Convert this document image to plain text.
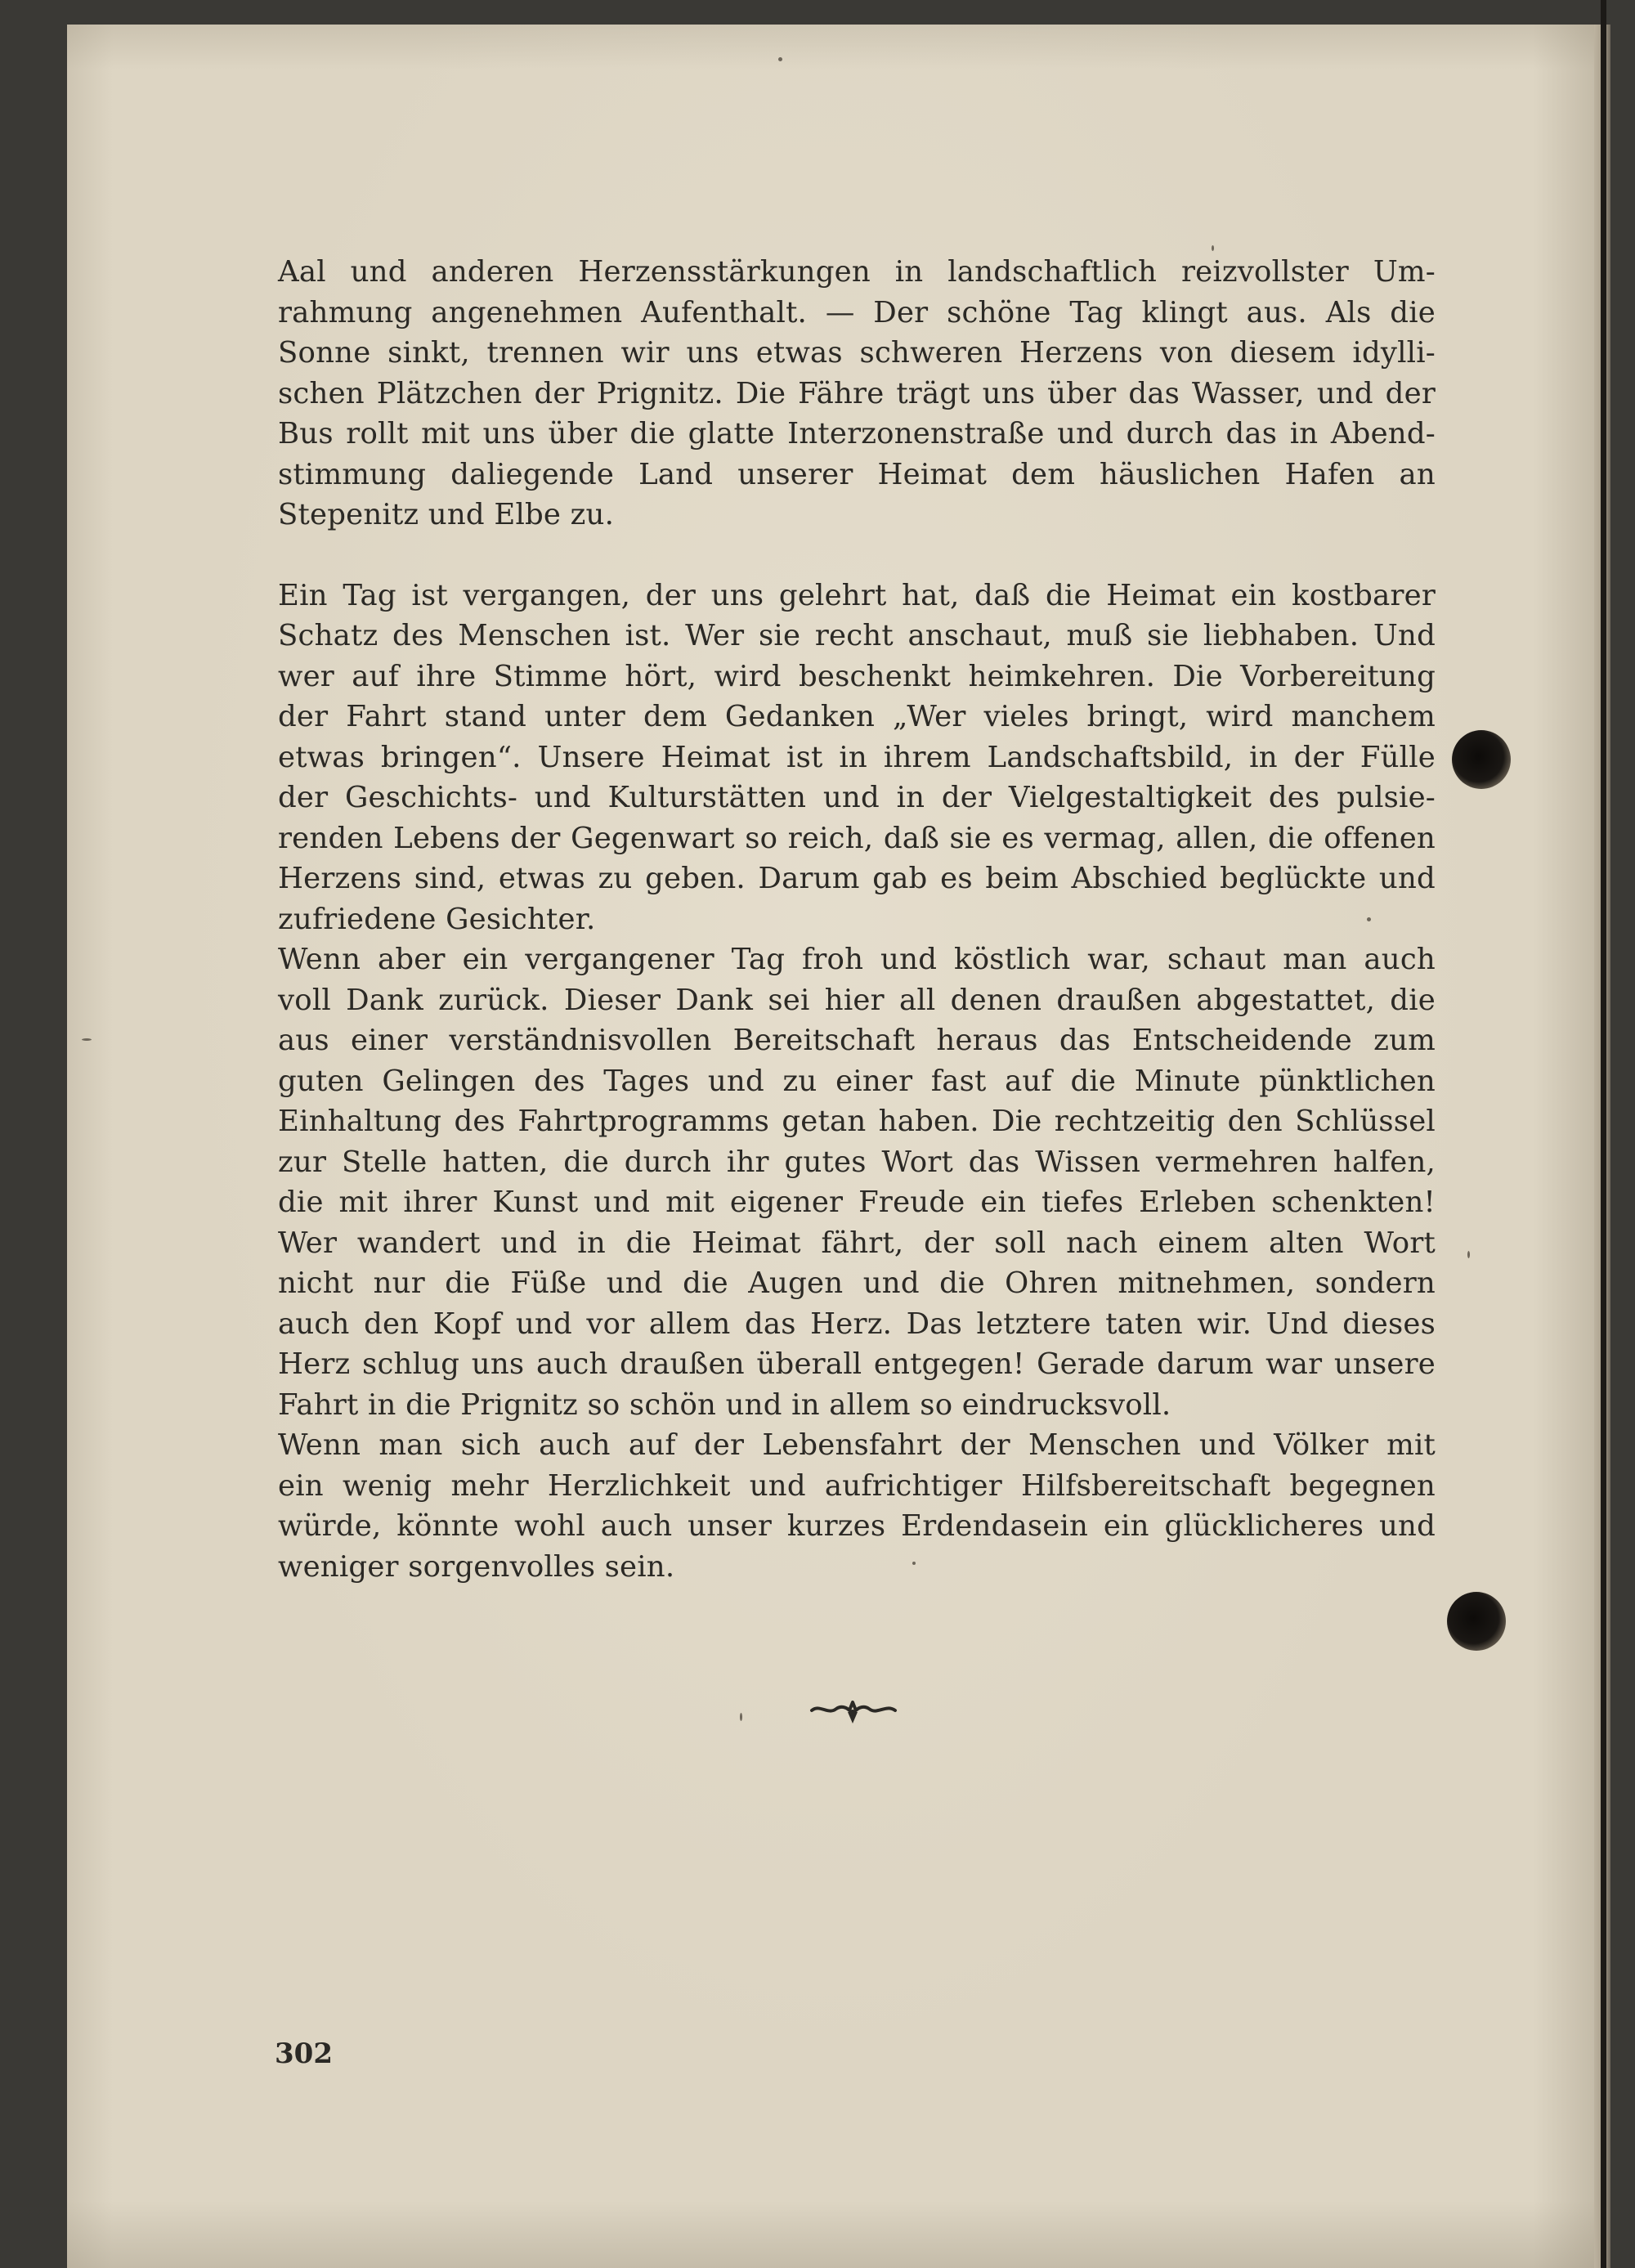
Aal und anderen Herzensstärkungen in landschaftlich reizvollster Um-
rahmung angenehmen Aufenthalt. — Der schöne Tag klingt aus. Als die
Sonne sinkt, trennen wir uns etwas schweren Herzens von diesem idylli-
schen Plätzchen der Prignitz. Die Fähre trägt uns über das Wasser, und der
Bus rollt mit uns über die glatte Interzonenstraße und durch das in Abend-
stimmung daliegende Land unserer Heimat dem häuslichen Hafen an
Stepenitz und Elbe zu.
Ein Tag ist vergangen, der uns gelehrt hat, daß die Heimat ein kostbarer
Schatz des Menschen ist. Wer sie recht anschaut, muß sie liebhaben. Und
wer auf ihre Stimme hört, wird beschenkt heimkehren. Die Vorbereitung
der Fahrt stand unter dem Gedanken „Wer vieles bringt, wird manchem
etwas bringen“. Unsere Heimat ist in ihrem Landschaftsbild, in der Fülle
der Geschichts- und Kulturstätten und in der Vielgestaltigkeit des pulsie-
renden Lebens der Gegenwart so reich, daß sie es vermag, allen, die offenen
Herzens sind, etwas zu geben. Darum gab es beim Abschied beglückte und
zufriedene Gesichter.
Wenn aber ein vergangener Tag froh und köstlich war, schaut man auch
voll Dank zurück. Dieser Dank sei hier all denen draußen abgestattet, die
aus einer verständnisvollen Bereitschaft heraus das Entscheidende zum
guten Gelingen des Tages und zu einer fast auf die Minute pünktlichen
Einhaltung des Fahrtprogramms getan haben. Die rechtzeitig den Schlüssel
zur Stelle hatten, die durch ihr gutes Wort das Wissen vermehren halfen,
die mit ihrer Kunst und mit eigener Freude ein tiefes Erleben schenkten!
Wer wandert und in die Heimat fährt, der soll nach einem alten Wort
nicht nur die Füße und die Augen und die Ohren mitnehmen, sondern
auch den Kopf und vor allem das Herz. Das letztere taten wir. Und dieses
Herz schlug uns auch draußen überall entgegen! Gerade darum war unsere
Fahrt in die Prignitz so schön und in allem so eindrucksvoll.
Wenn man sich auch auf der Lebensfahrt der Menschen und Völker mit
ein wenig mehr Herzlichkeit und aufrichtiger Hilfsbereitschaft begegnen
würde, könnte wohl auch unser kurzes Erdendasein ein glücklicheres und
weniger sorgenvolles sein.
302
